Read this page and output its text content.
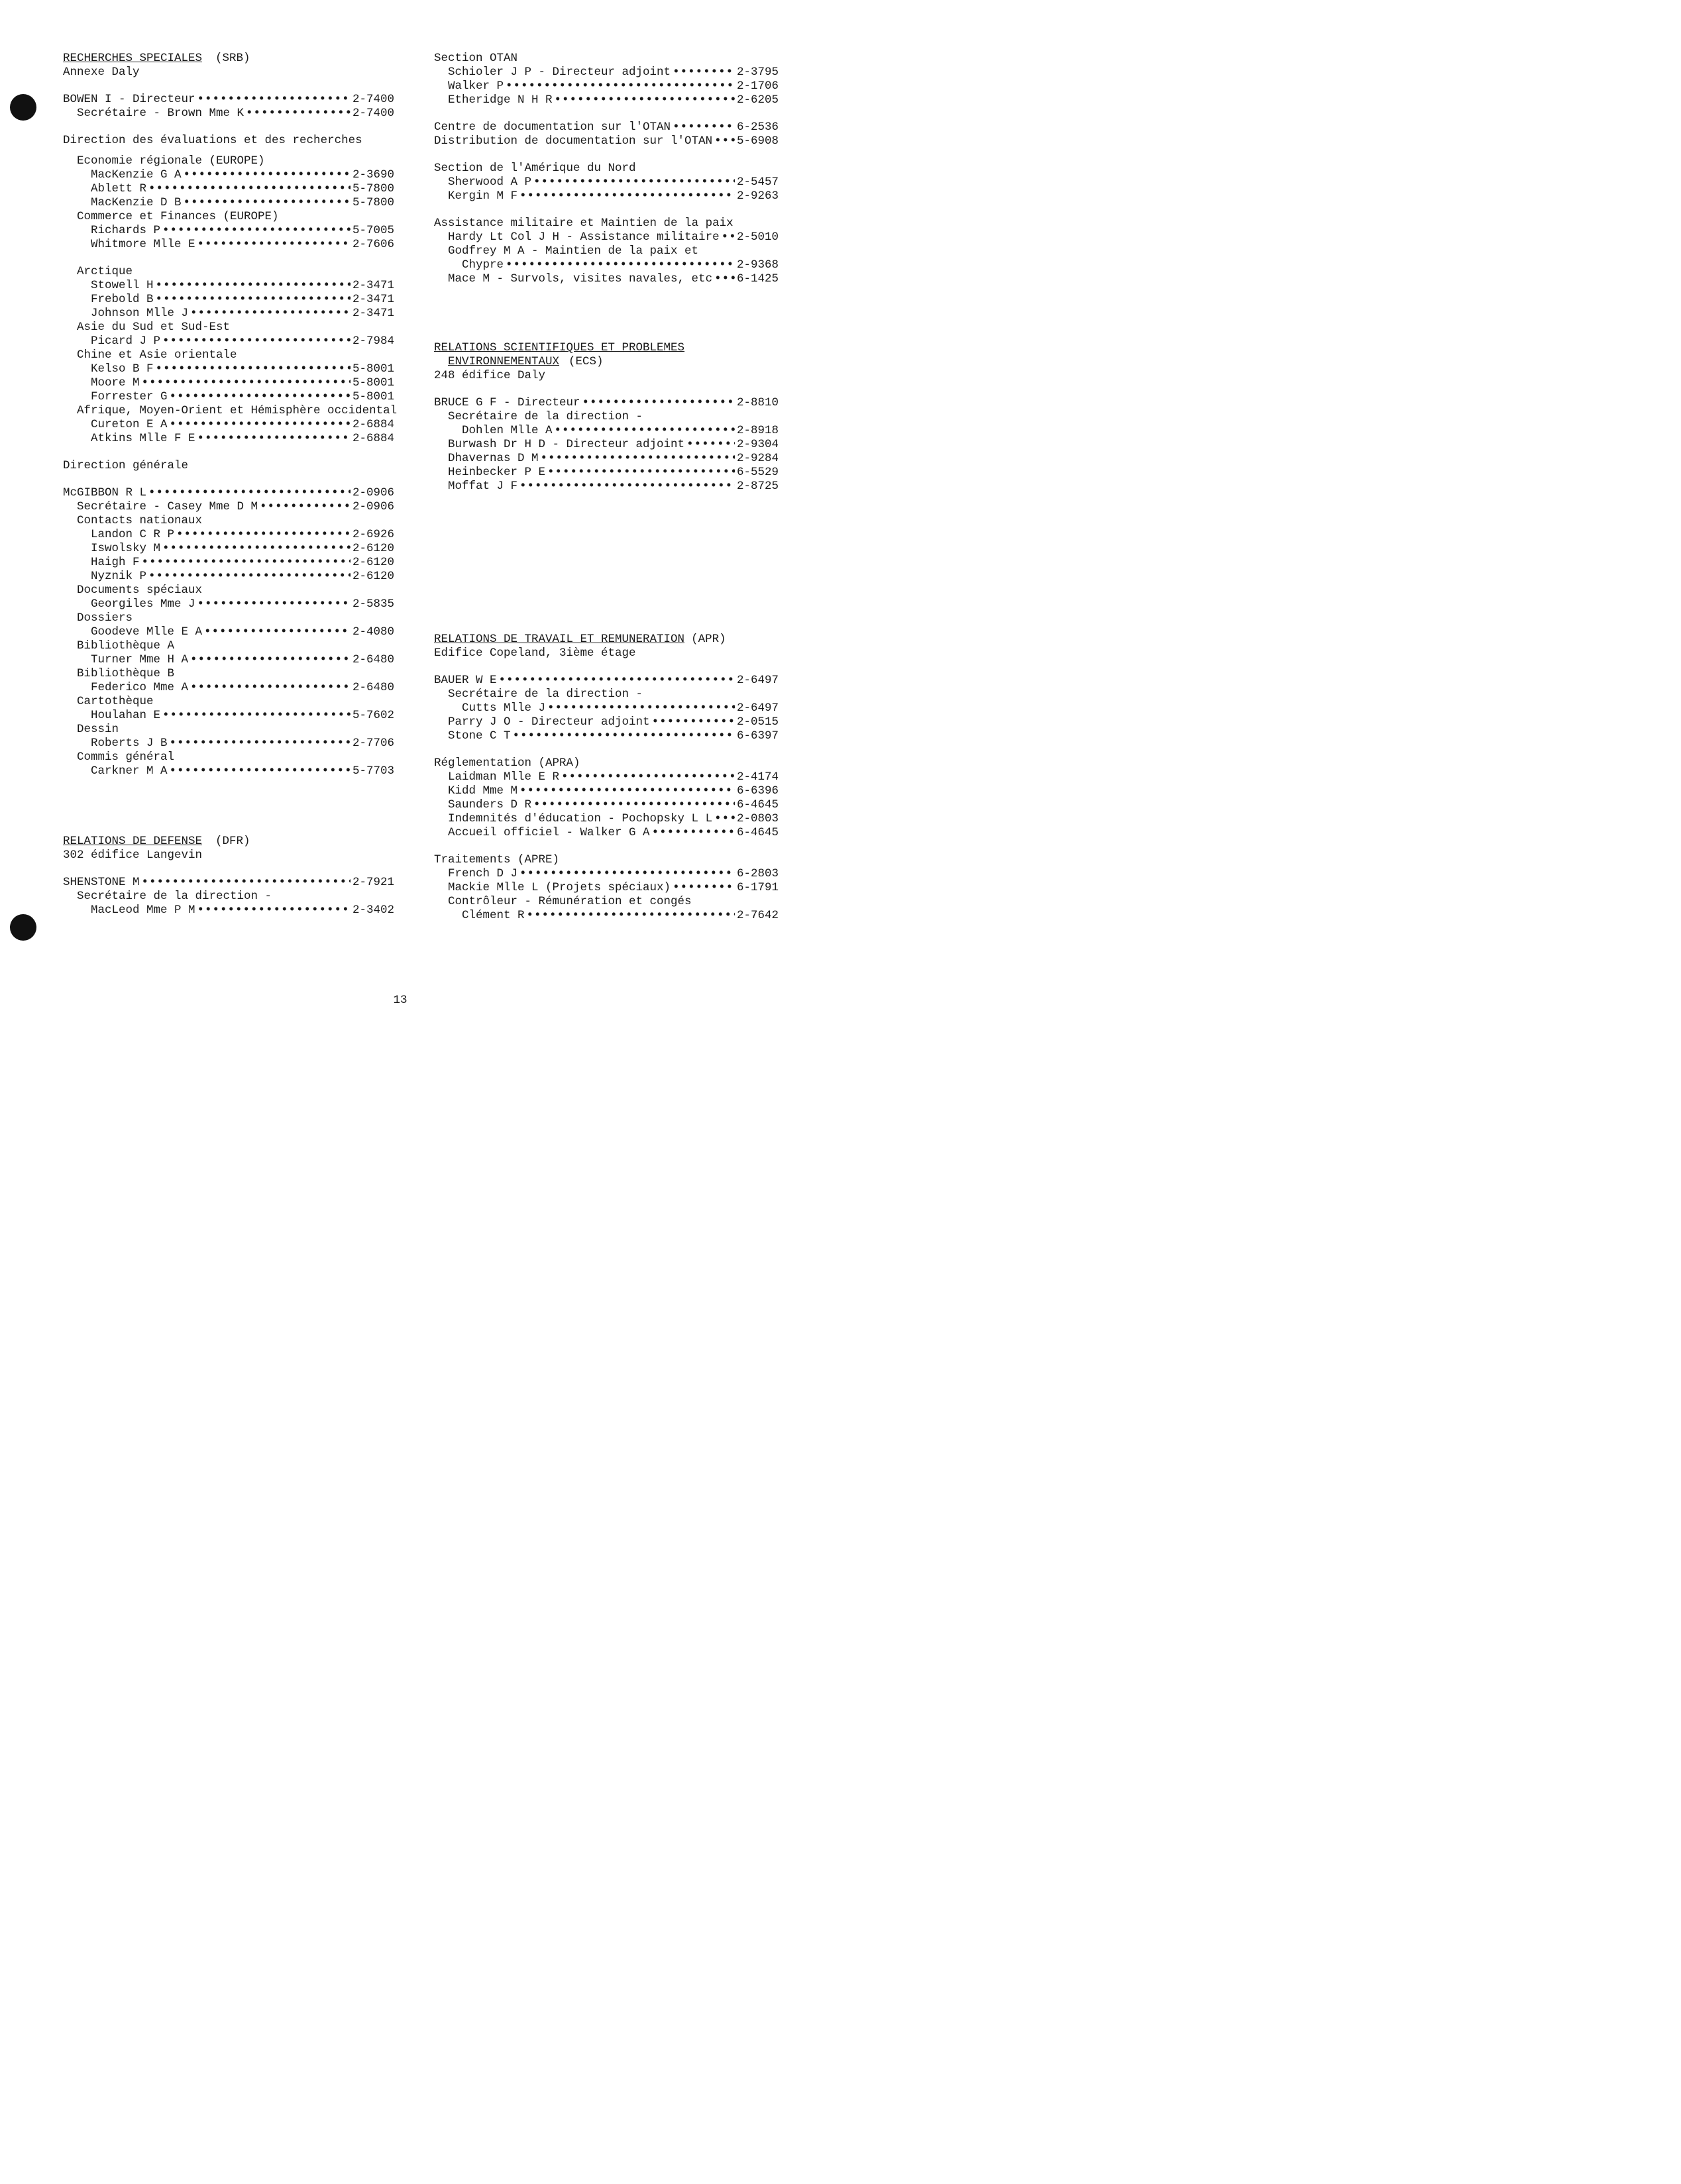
RECHERCHES SPECIALES (SRB)
Annexe Daly
BOWEN I - Directeur •••••	2-7400
Secrétaire - Brown Mme K •••••	2-7400
Direction des évaluations et des recherches
Economie régionale (EUROPE)
MacKenzie G A •••••	2-3690
Ablett R •••••	5-7800
MacKenzie D B •••••	5-7800
Commerce et Finances (EUROPE)
Richards P •••••	5-7005
Whitmore Mlle E •••••	2-7606
Arctique
Stowell H •••••	2-3471
Frebold B •••••	2-3471
Johnson Mlle J •••••	2-3471
Asie du Sud et Sud-Est
Picard J P •••••	2-7984
Chine et Asie orientale
Kelso B F •••••	5-8001
Moore M •••••	5-8001
Forrester G •••••	5-8001
Afrique, Moyen-Orient et Hémisphère occidental
Cureton E A •••••	2-6884
Atkins Mlle F E •••••	2-6884
Direction générale
McGIBBON R L •••••	2-0906
Secrétaire - Casey Mme D M •••••	2-0906
Contacts nationaux
Landon C R P •••••	2-6926
Iswolsky M •••••	2-6120
Haigh F •••••	2-6120
Nyznik P •••••	2-6120
Documents spéciaux
Georgiles Mme J •••••	2-5835
Dossiers
Goodeve Mlle E A •••••	2-4080
Bibliothèque A
Turner Mme H A •••••	2-6480
Bibliothèque B
Federico Mme A •••••	2-6480
Cartothèque
Houlahan E •••••	5-7602
Dessin
Roberts J B •••••	2-7706
Commis général
Carkner M A •••••	5-7703
RELATIONS DE DEFENSE (DFR)
302 édifice Langevin
SHENSTONE M •••••	2-7921
Secrétaire de la direction -
MacLeod Mme P M •••••	2-3402
Section OTAN
Schioler J P - Directeur adjoint •••••	2-3795
Walker P •••••	2-1706
Etheridge N H R •••••	2-6205
Centre de documentation sur l'OTAN •••••	6-2536
Distribution de documentation sur l'OTAN ••••• 5-6908
Section de l'Amérique du Nord
Sherwood A P •••••	2-5457
Kergin M F •••••	2-9263
Assistance militaire et Maintien de la paix
Hardy Lt Col J H - Assistance militaire ••••• 2-5010
Godfrey M A - Maintien de la paix et
Chypre •••••	2-9368
Mace M - Survols, visites navales, etc ••••• 6-1425
RELATIONS SCIENTIFIQUES ET PROBLEMES
ENVIRONNEMENTAUX (ECS)
248 édifice Daly
BRUCE G F - Directeur •••••	2-8810
Secrétaire de la direction -
Dohlen Mlle A •••••	2-8918
Burwash Dr H D - Directeur adjoint •••••	2-9304
Dhavernas D M •••••	2-9284
Heinbecker P E •••••	6-5529
Moffat J F •••••	2-8725
RELATIONS DE TRAVAIL ET REMUNERATION (APR)
Edifice Copeland, 3ième étage
BAUER W E •••••	2-6497
Secrétaire de la direction -
Cutts Mlle J •••••	2-6497
Parry J O - Directeur adjoint •••••	2-0515
Stone C T •••••	6-6397
Réglementation (APRA)
Laidman Mlle E R •••••	2-4174
Kidd Mme M •••••	6-6396
Saunders D R •••••	6-4645
Indemnités d'éducation - Pochopsky L L ••••• 2-0803
Accueil officiel - Walker G A •••••	6-4645
Traitements (APRE)
French D J •••••	6-2803
Mackie Mlle L (Projets spéciaux) •••••	6-1791
Contrôleur - Rémunération et congés
Clément R •••••	2-7642
13
